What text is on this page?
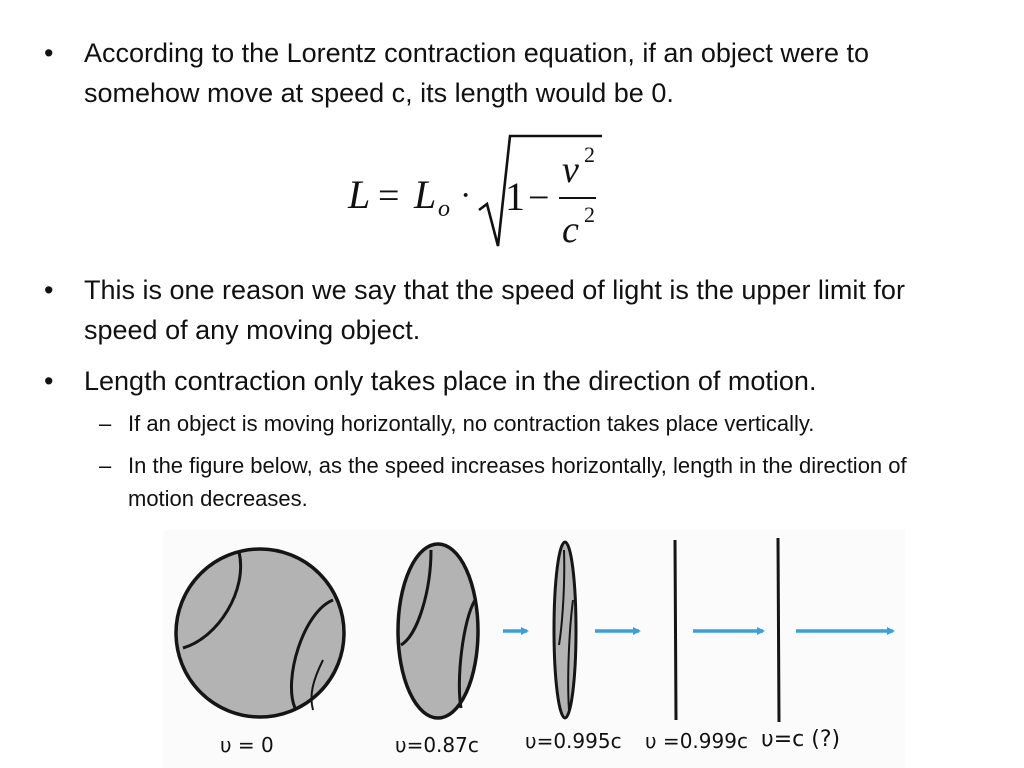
• According to the Lorentz contraction equation, if an object were to somehow move at speed c, its length would be 0.
L = L o · 1 −
v 2
c 2
• This is one reason we say that the speed of light is the upper limit for speed of any moving object.
• Length contraction only takes place in the direction of motion.
– If an object is moving horizontally, no contraction takes place vertically.
– In the figure below, as the speed increases horizontally, length in the direction of motion decreases.
υ = 0	υ=0.87c υ=0.995c υ =0.999c υ=c (?)
